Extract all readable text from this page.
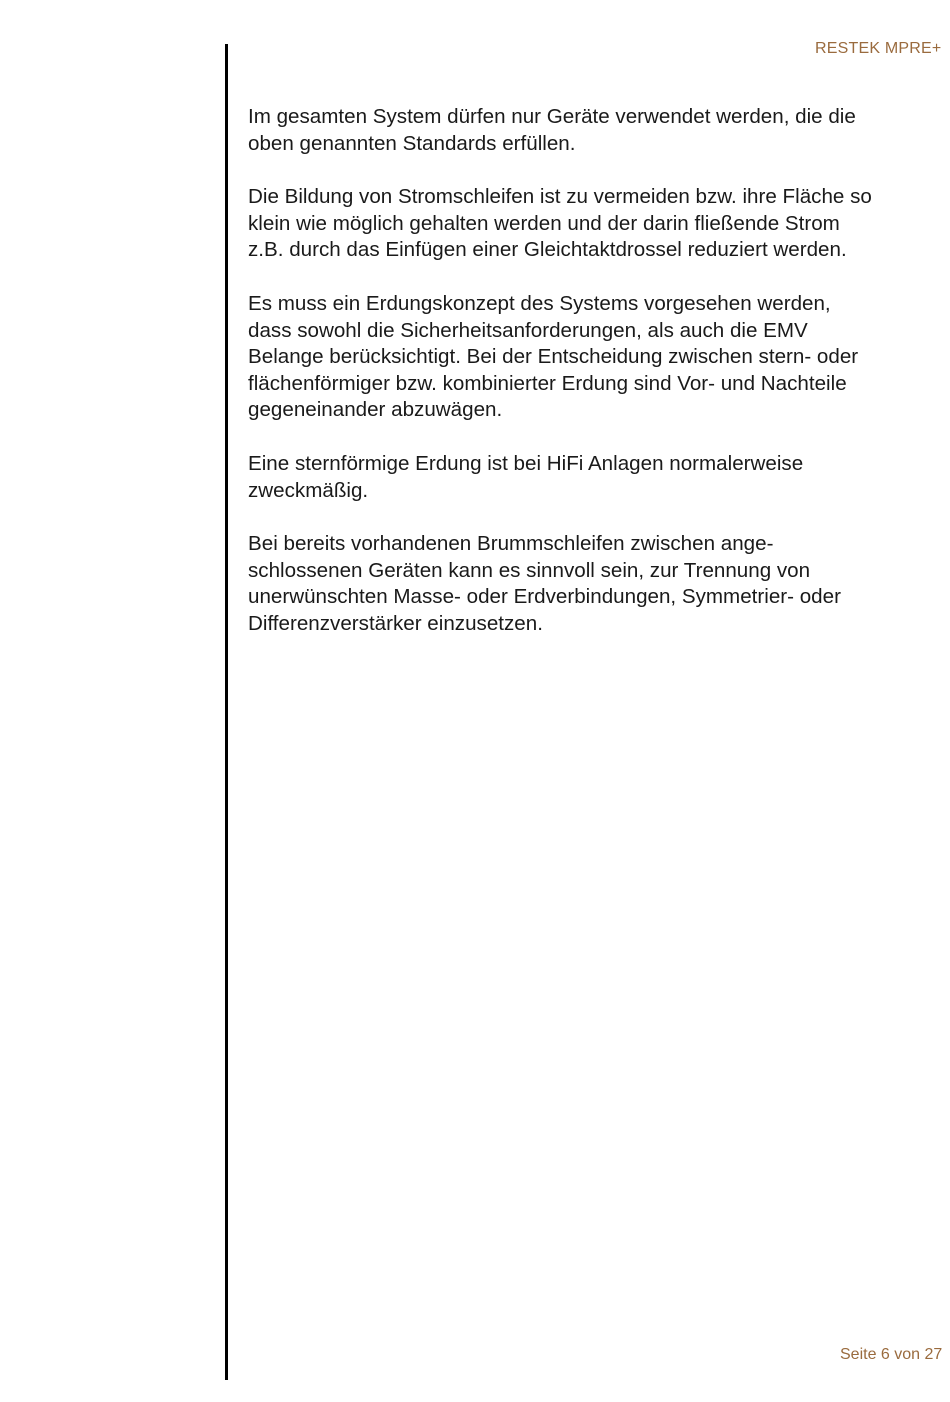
RESTEK MPRE+

Im gesamten System dürfen nur Geräte verwendet werden, die die
oben genannten Standards erfüllen.

Die Bildung von Stromschleifen ist zu vermeiden bzw. ihre Fläche so
klein wie möglich gehalten werden und der darin fließende Strom
z.B. durch das Einfügen einer Gleichtaktdrossel reduziert werden.

Es muss ein Erdungskonzept des Systems vorgesehen werden,
dass sowohl die Sicherheitsanforderungen, als auch die EMV
Belange berücksichtigt. Bei der Entscheidung zwischen stern- oder
flächenförmiger bzw. kombinierter Erdung sind Vor- und Nachteile
gegeneinander abzuwägen.

Eine sternförmige Erdung ist bei HiFi Anlagen normalerweise
zweckmäßig.

Bei bereits vorhandenen Brummschleifen zwischen ange-
schlossenen Geräten kann es sinnvoll sein, zur Trennung von
unerwünschten Masse- oder Erdverbindungen, Symmetrier- oder
Differenzverstärker einzusetzen.

Seite 6 von 27
